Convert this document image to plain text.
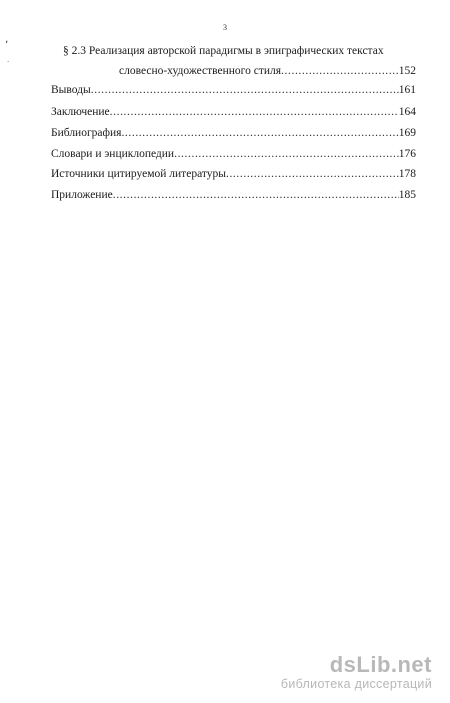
3
ʼ
.
§ 2.3 Реализация авторской парадигмы в эпиграфических текстах
словесно-художественного стиля .....	152
Выводы .....	161
Заключение .....	164
Библиография .....	169
Словари и энциклопедии .....	176
Источники цитируемой литературы .....	178
Приложение .....	185
dsLib.net
библиотека диссертаций
